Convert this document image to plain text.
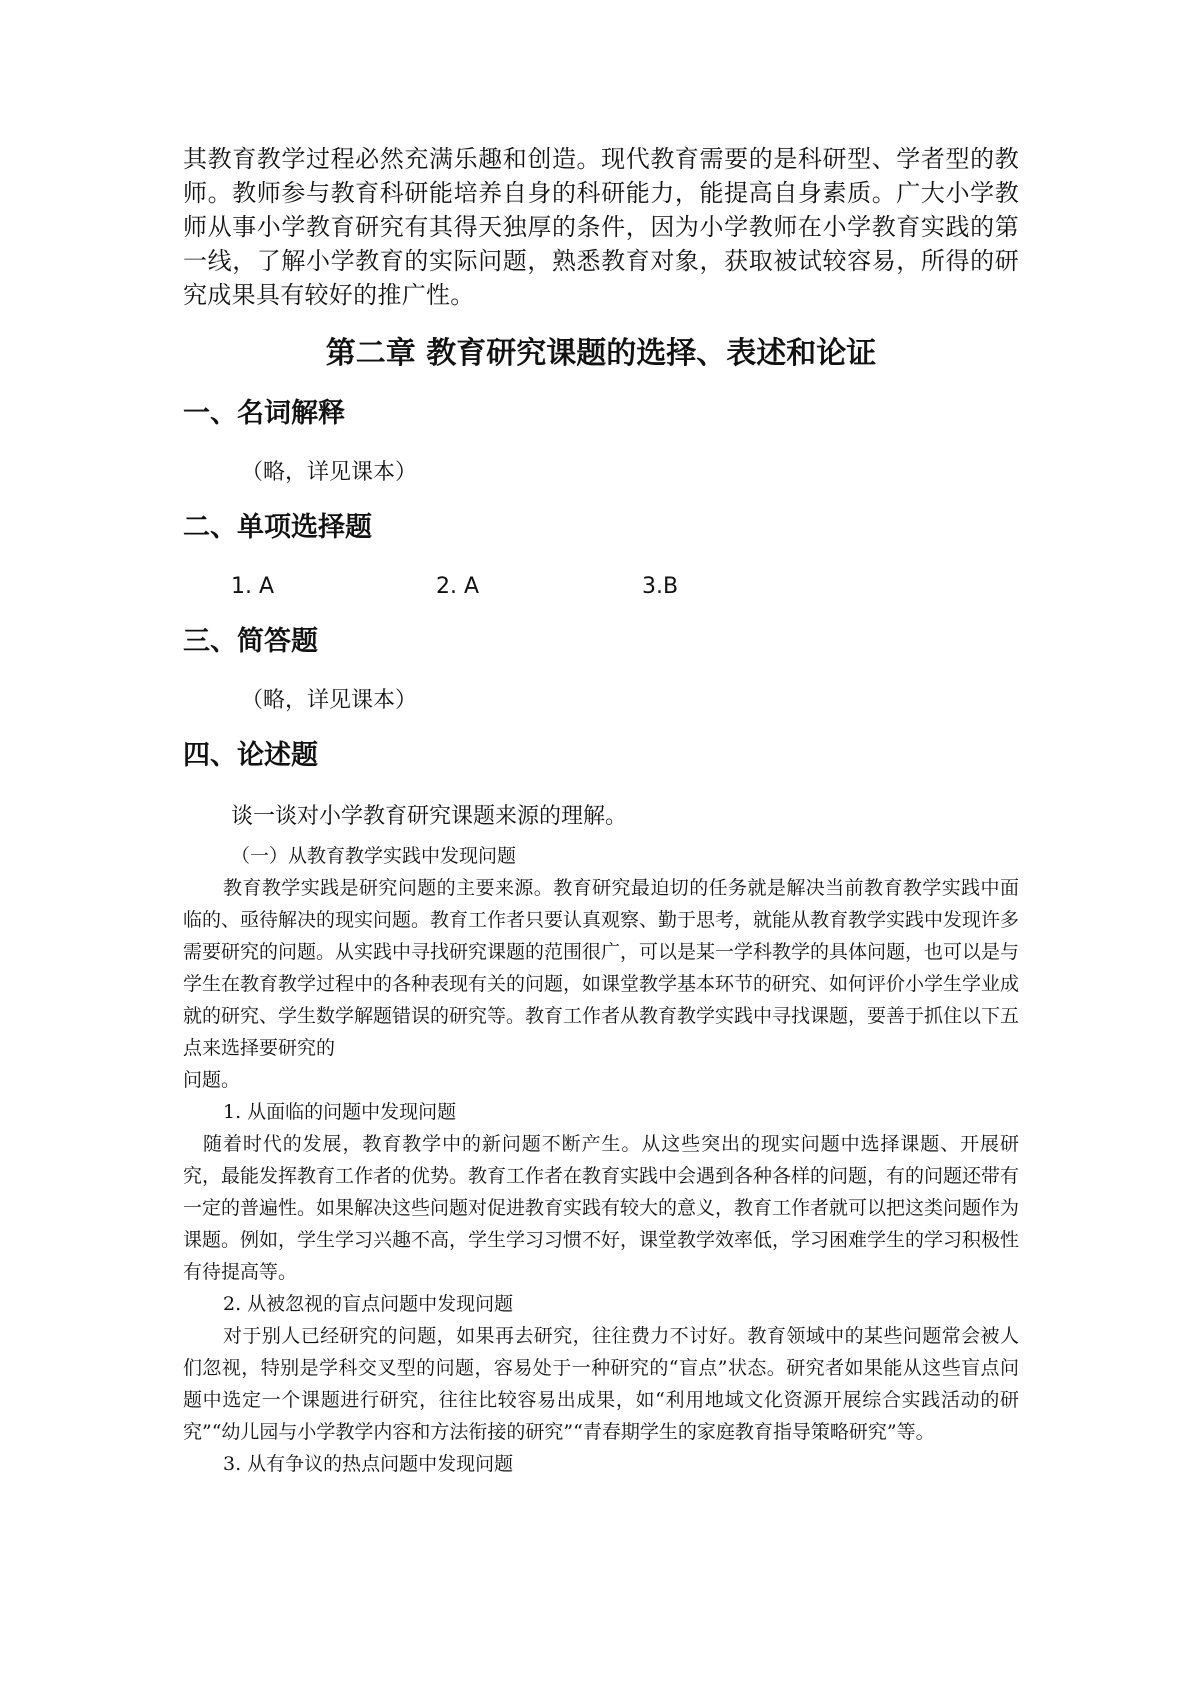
其教育教学过程必然充满乐趣和创造。现代教育需要的是科研型、学者型的教师。教师参与教育科研能培养自身的科研能力，能提高自身素质。广大小学教师从事小学教育研究有其得天独厚的条件，因为小学教师在小学教育实践的第一线，了解小学教育的实际问题，熟悉教育对象，获取被试较容易，所得的研究成果具有较好的推广性。

第二章 教育研究课题的选择、表述和论证
一、名词解释
（略，详见课本）
二、单项选择题
1. A	2. A	3.B
三、简答题
（略，详见课本）
四、论述题
谈一谈对小学教育研究课题来源的理解。
（一）从教育教学实践中发现问题

教育教学实践是研究问题的主要来源。教育研究最迫切的任务就是解决当前教育教学实践中面临的、亟待解决的现实问题。教育工作者只要认真观察、勤于思考，就能从教育教学实践中发现许多需要研究的问题。从实践中寻找研究课题的范围很广，可以是某一学科教学的具体问题，也可以是与学生在教育教学过程中的各种表现有关的问题，如课堂教学基本环节的研究、如何评价小学生学业成就的研究、学生数学解题错误的研究等。教育工作者从教育教学实践中寻找课题，要善于抓住以下五点来选择要研究的

问题。

1. 从面临的问题中发现问题

随着时代的发展，教育教学中的新问题不断产生。从这些突出的现实问题中选择课题、开展研究，最能发挥教育工作者的优势。教育工作者在教育实践中会遇到各种各样的问题，有的问题还带有一定的普遍性。如果解决这些问题对促进教育实践有较大的意义，教育工作者就可以把这类问题作为课题。例如，学生学习兴趣不高，学生学习习惯不好，课堂教学效率低，学习困难学生的学习积极性有待提高等。

2. 从被忽视的盲点问题中发现问题

对于别人已经研究的问题，如果再去研究，往往费力不讨好。教育领域中的某些问题常会被人们忽视，特别是学科交叉型的问题，容易处于一种研究的“盲点”状态。研究者如果能从这些盲点问题中选定一个课题进行研究，往往比较容易出成果，如“利用地域文化资源开展综合实践活动的研究”“幼儿园与小学教学内容和方法衔接的研究”“青春期学生的家庭教育指导策略研究”等。

3. 从有争议的热点问题中发现问题
